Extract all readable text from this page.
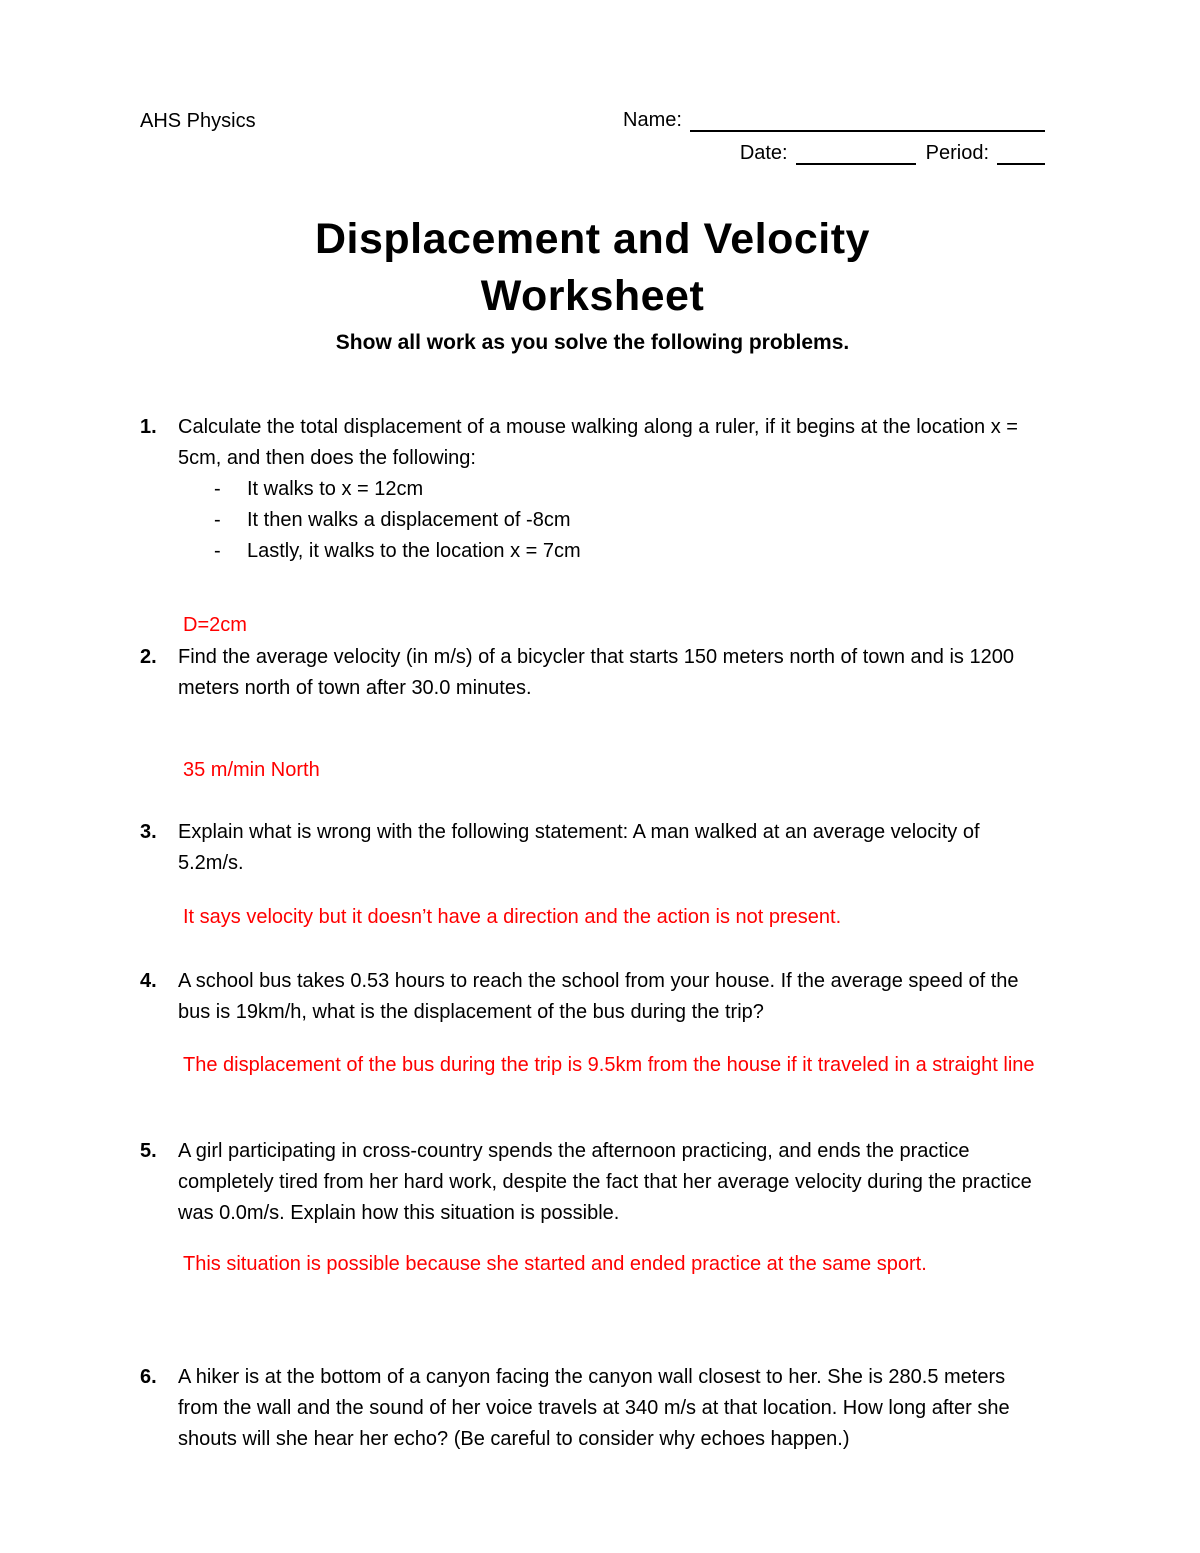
AHS Physics	Name:
Date:	Period:
Displacement and Velocity
Worksheet
Show all work as you solve the following problems.
1.	Calculate the total displacement of a mouse walking along a ruler, if it begins at the location x = 5cm, and then does the following:
-	It walks to x = 12cm
-	It then walks a displacement of -8cm
-	Lastly, it walks to the location x = 7cm
D=2cm
2.	Find the average velocity (in m/s) of a bicycler that starts 150 meters north of town and is 1200 meters north of town after 30.0 minutes.
35 m/min North
3.	Explain what is wrong with the following statement: A man walked at an average velocity of 5.2m/s.
It says velocity but it doesn’t have a direction and the action is not present.
4.	A school bus takes 0.53 hours to reach the school from your house. If the average speed of the bus is 19km/h, what is the displacement of the bus during the trip?
The displacement of the bus during the trip is 9.5km from the house if it traveled in a straight line
5.	A girl participating in cross-country spends the afternoon practicing, and ends the practice completely tired from her hard work, despite the fact that her average velocity during the practice was 0.0m/s. Explain how this situation is possible.
This situation is possible because she started and ended practice at the same sport.
6.	A hiker is at the bottom of a canyon facing the canyon wall closest to her. She is 280.5 meters from the wall and the sound of her voice travels at 340 m/s at that location. How long after she shouts will she hear her echo? (Be careful to consider why echoes happen.)
